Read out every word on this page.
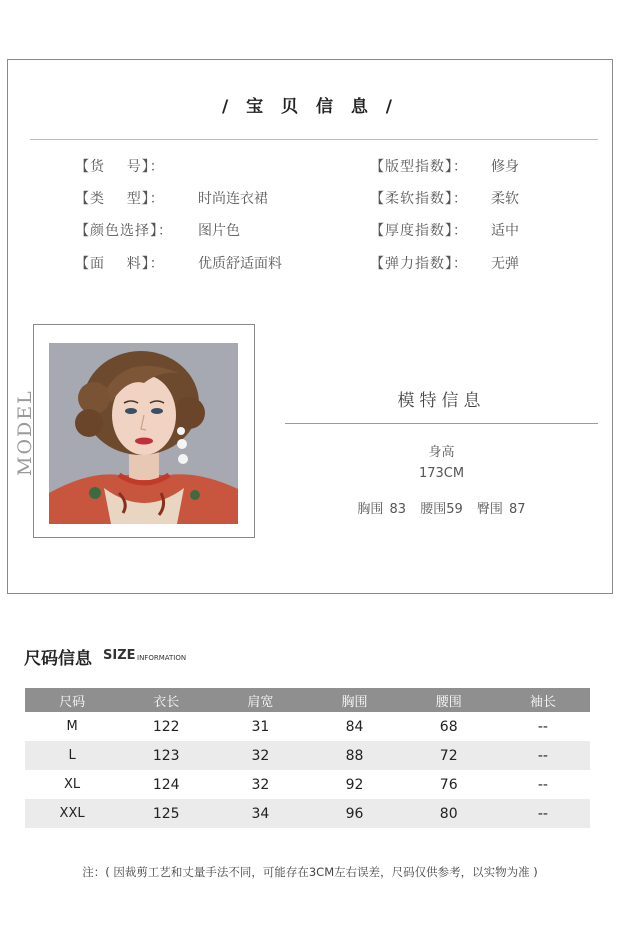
/ 宝 贝 信 息 /
【货    号】：
【类    型】： 时尚连衣裙
【颜色选择】： 图片色
【面    料】： 优质舒适面料
【版型指数】： 修身
【柔软指数】： 柔软
【厚度指数】： 适中
【弹力指数】： 无弹
MODEL	模特信息
身高
173CM
胸围 83 腰围59 臀围 87
尺码信息 SIZE INFORMATION
尺码	衣长	肩宽	胸围	腰围	袖长
M	122	31	84	68	--
L	123	32	88	72	--
XL	124	32	92	76	--
XXL	125	34	96	80	--
注：( 因裁剪工艺和丈量手法不同，可能存在3CM左右误差，尺码仅供参考，以实物为准 )
